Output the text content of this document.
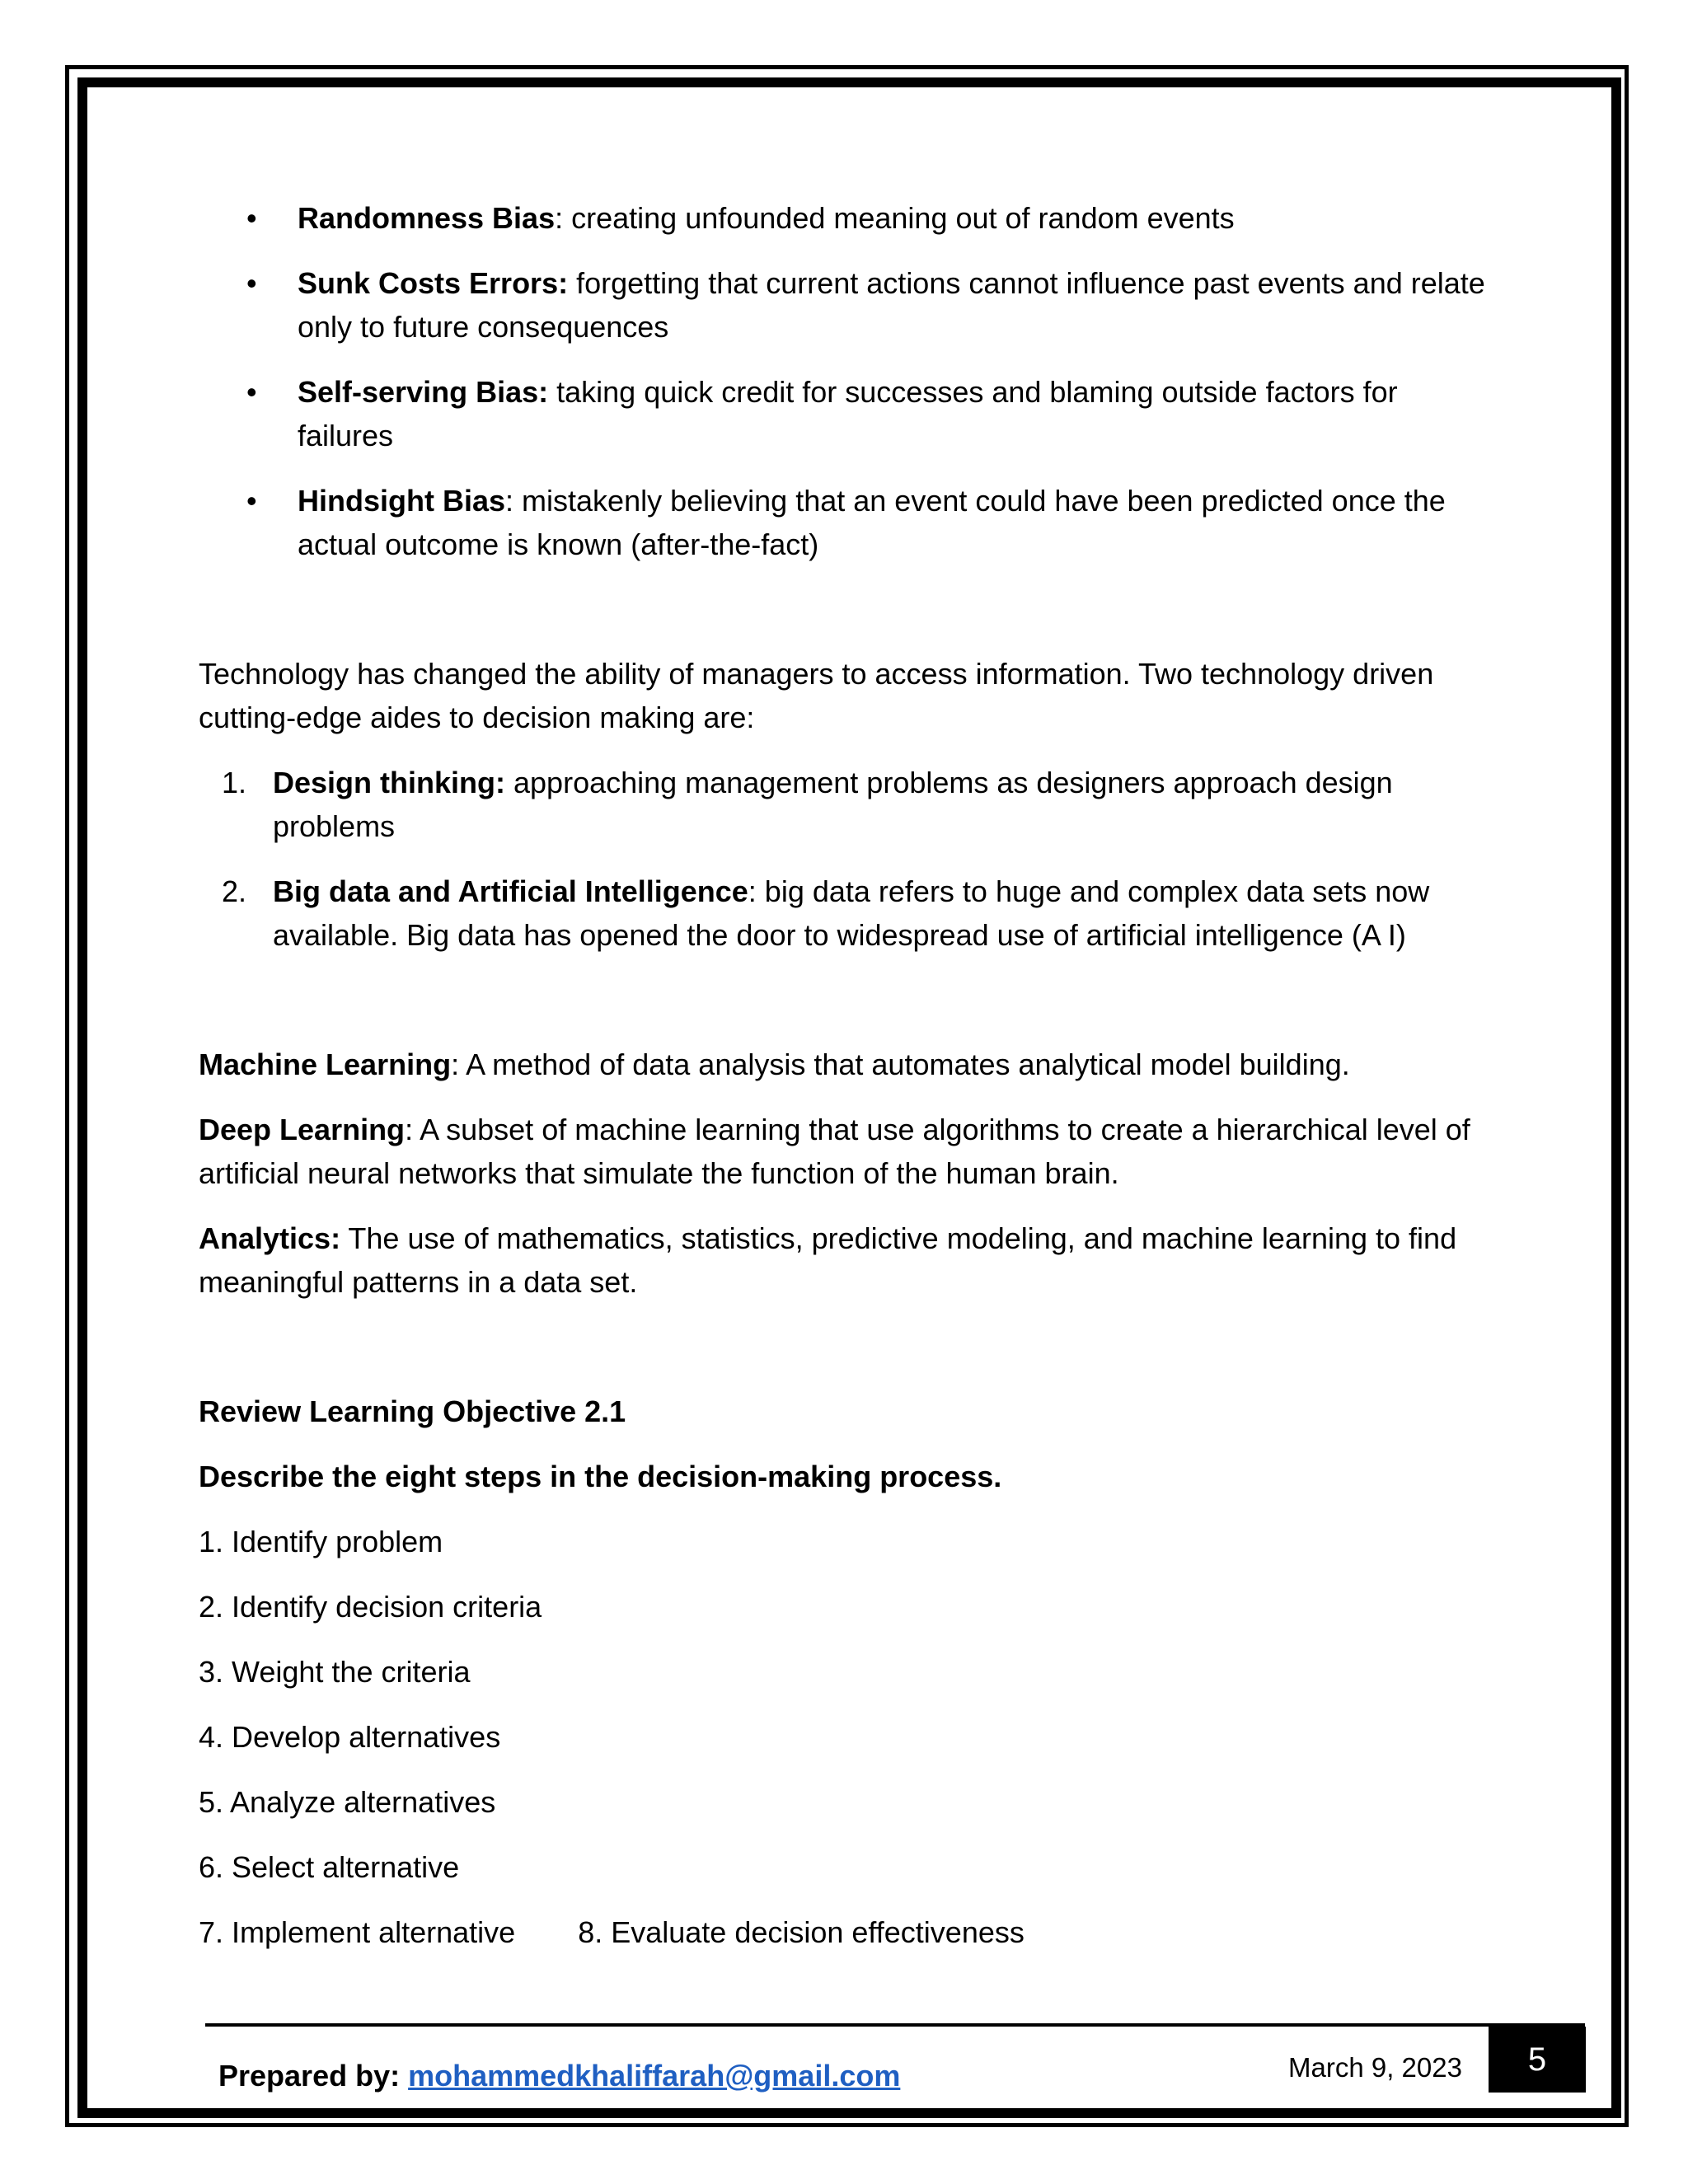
• Randomness Bias: creating unfounded meaning out of random events
• Sunk Costs Errors: forgetting that current actions cannot influence past events and relate only to future consequences
• Self-serving Bias: taking quick credit for successes and blaming outside factors for failures
• Hindsight Bias: mistakenly believing that an event could have been predicted once the actual outcome is known (after-the-fact)

Technology has changed the ability of managers to access information. Two technology driven cutting-edge aides to decision making are:

1. Design thinking: approaching management problems as designers approach design problems
2. Big data and Artificial Intelligence: big data refers to huge and complex data sets now available. Big data has opened the door to widespread use of artificial intelligence (A I)

Machine Learning: A method of data analysis that automates analytical model building.

Deep Learning: A subset of machine learning that use algorithms to create a hierarchical level of artificial neural networks that simulate the function of the human brain.

Analytics: The use of mathematics, statistics, predictive modeling, and machine learning to find meaningful patterns in a data set.

Review Learning Objective 2.1

Describe the eight steps in the decision-making process.

1. Identify problem

2. Identify decision criteria

3. Weight the criteria

4. Develop alternatives

5. Analyze alternatives

6. Select alternative

7. Implement alternative 8. Evaluate decision effectiveness

Prepared by: mohammedkhaliffarah@gmail.com	March 9, 2023	5
